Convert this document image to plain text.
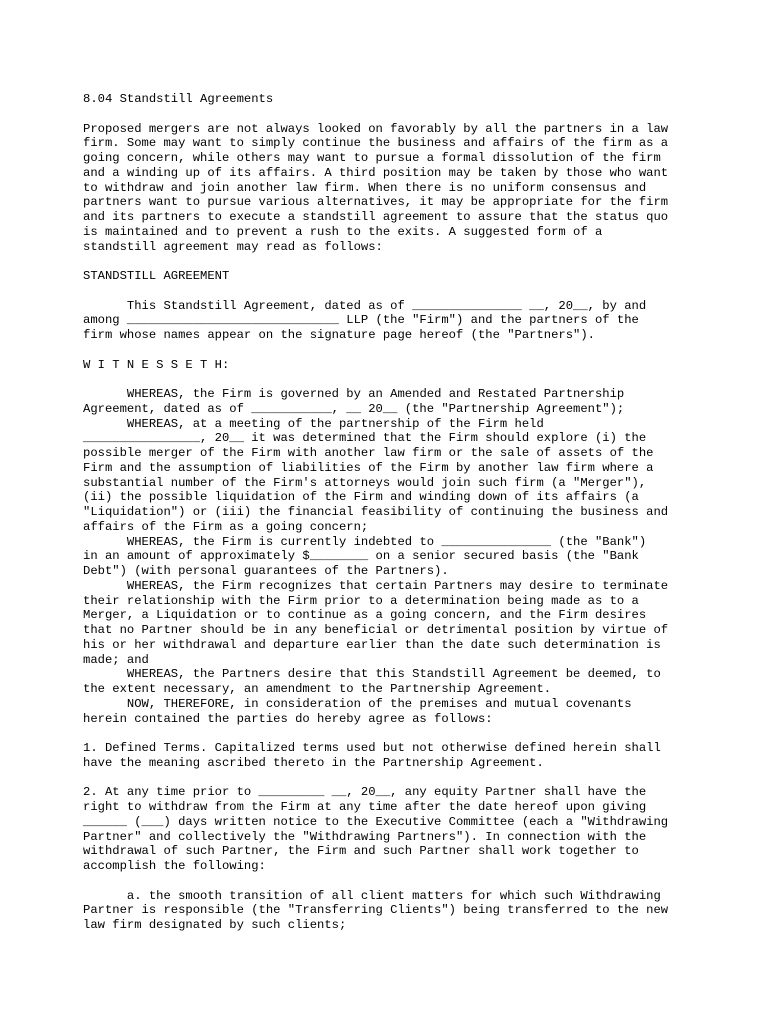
8.04 Standstill Agreements

Proposed mergers are not always looked on favorably by all the partners in a law
firm. Some may want to simply continue the business and affairs of the firm as a
going concern, while others may want to pursue a formal dissolution of the firm
and a winding up of its affairs. A third position may be taken by those who want
to withdraw and join another law firm. When there is no uniform consensus and
partners want to pursue various alternatives, it may be appropriate for the firm
and its partners to execute a standstill agreement to assure that the status quo
is maintained and to prevent a rush to the exits. A suggested form of a
standstill agreement may read as follows:

STANDSTILL AGREEMENT

This Standstill Agreement, dated as of _______________ __, 20__, by and
among _____________________________ LLP (the "Firm") and the partners of the
firm whose names appear on the signature page hereof (the "Partners").

W I T N E S S E T H:

WHEREAS, the Firm is governed by an Amended and Restated Partnership
Agreement, dated as of ___________, __ 20__ (the "Partnership Agreement");
WHEREAS, at a meeting of the partnership of the Firm held
________________, 20__ it was determined that the Firm should explore (i) the
possible merger of the Firm with another law firm or the sale of assets of the
Firm and the assumption of liabilities of the Firm by another law firm where a
substantial number of the Firm's attorneys would join such firm (a "Merger"),
(ii) the possible liquidation of the Firm and winding down of its affairs (a
"Liquidation") or (iii) the financial feasibility of continuing the business and
affairs of the Firm as a going concern;
WHEREAS, the Firm is currently indebted to _______________ (the "Bank")
in an amount of approximately $________ on a senior secured basis (the "Bank
Debt") (with personal guarantees of the Partners).
WHEREAS, the Firm recognizes that certain Partners may desire to terminate
their relationship with the Firm prior to a determination being made as to a
Merger, a Liquidation or to continue as a going concern, and the Firm desires
that no Partner should be in any beneficial or detrimental position by virtue of
his or her withdrawal and departure earlier than the date such determination is
made; and
WHEREAS, the Partners desire that this Standstill Agreement be deemed, to
the extent necessary, an amendment to the Partnership Agreement.
NOW, THEREFORE, in consideration of the premises and mutual covenants
herein contained the parties do hereby agree as follows:

1. Defined Terms. Capitalized terms used but not otherwise defined herein shall
have the meaning ascribed thereto in the Partnership Agreement.

2. At any time prior to _________ __, 20__, any equity Partner shall have the
right to withdraw from the Firm at any time after the date hereof upon giving
______ (___) days written notice to the Executive Committee (each a "Withdrawing
Partner" and collectively the "Withdrawing Partners"). In connection with the
withdrawal of such Partner, the Firm and such Partner shall work together to
accomplish the following:

a. the smooth transition of all client matters for which such Withdrawing
Partner is responsible (the "Transferring Clients") being transferred to the new
law firm designated by such clients;
